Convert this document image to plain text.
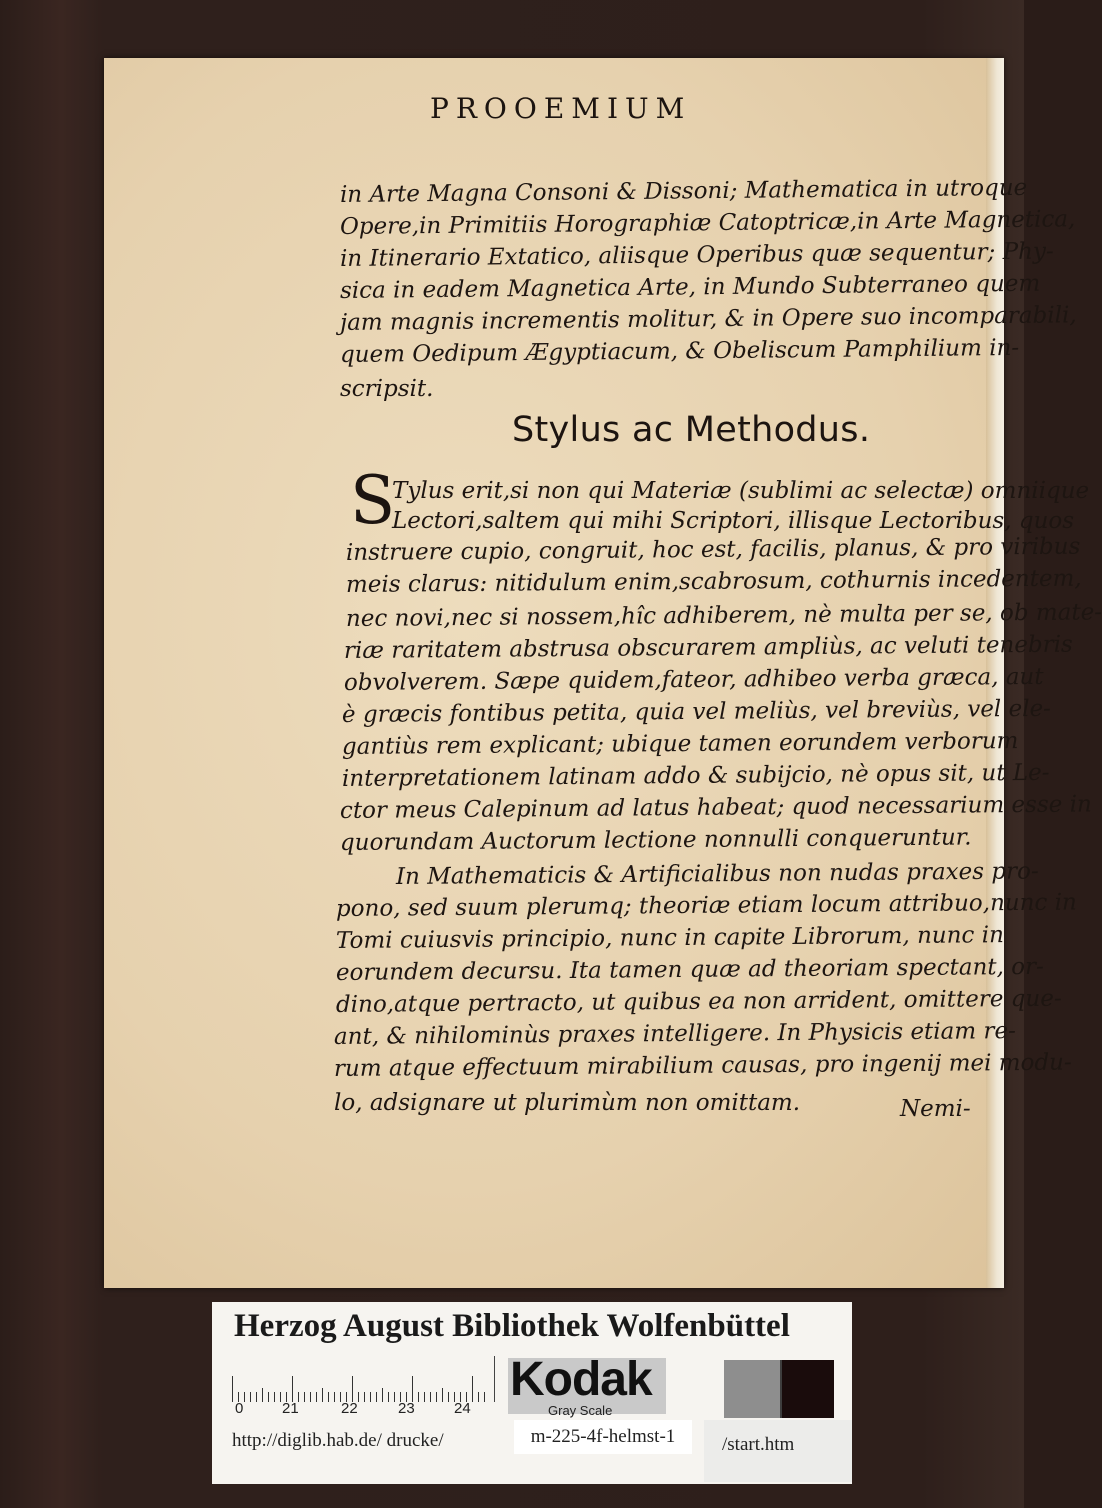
PROOEMIUM
in Arte Magna Consoni & Dissoni; Mathematica in utroque
Opere,in Primitiis Horographiæ Catoptricæ,in Arte Magnetica,
in Itinerario Extatico, aliisque Operibus quæ sequentur; Phy-
sica in eadem Magnetica Arte, in Mundo Subterraneo quem
jam magnis incrementis molitur, & in Opere suo incomparabili,
quem Oedipum Ægyptiacum, & Obeliscum Pamphilium in-
scripsit.
Stylus ac Methodus.
S
Tylus erit,si non qui Materiæ (sublimi ac selectæ) omniique
Lectori,saltem qui mihi Scriptori, illisque Lectoribus, quos
instruere cupio, congruit, hoc est, facilis, planus, & pro viribus
meis clarus: nitidulum enim,scabrosum, cothurnis incedentem,
nec novi,nec si nossem,hîc adhiberem, nè multa per se, ob mate-
riæ raritatem abstrusa obscurarem ampliùs, ac veluti tenebris
obvolverem. Sæpe quidem,fateor, adhibeo verba græca, aut
è græcis fontibus petita, quia vel meliùs, vel breviùs, vel ele-
gantiùs rem explicant; ubique tamen eorundem verborum
interpretationem latinam addo & subijcio, nè opus sit, ut Le-
ctor meus Calepinum ad latus habeat; quod necessarium esse in
quorundam Auctorum lectione nonnulli conqueruntur.
In Mathematicis & Artificialibus non nudas praxes pro-
pono, sed suum plerumq; theoriæ etiam locum attribuo,nunc in
Tomi cuiusvis principio, nunc in capite Librorum, nunc in
eorundem decursu. Ita tamen quæ ad theoriam spectant, or-
dino,atque pertracto, ut quibus ea non arrident, omittere que-
ant, & nihilominùs praxes intelligere. In Physicis etiam re-
rum atque effectuum mirabilium causas, pro ingenij mei modu-
lo, adsignare ut plurimùm non omittam.	Nemi-
Herzog August Bibliothek Wolfenbüttel
0	21	22	23	24
Kodak
Gray Scale
http://diglib.hab.de/ drucke/	m-225-4f-helmst-1	/start.htm
